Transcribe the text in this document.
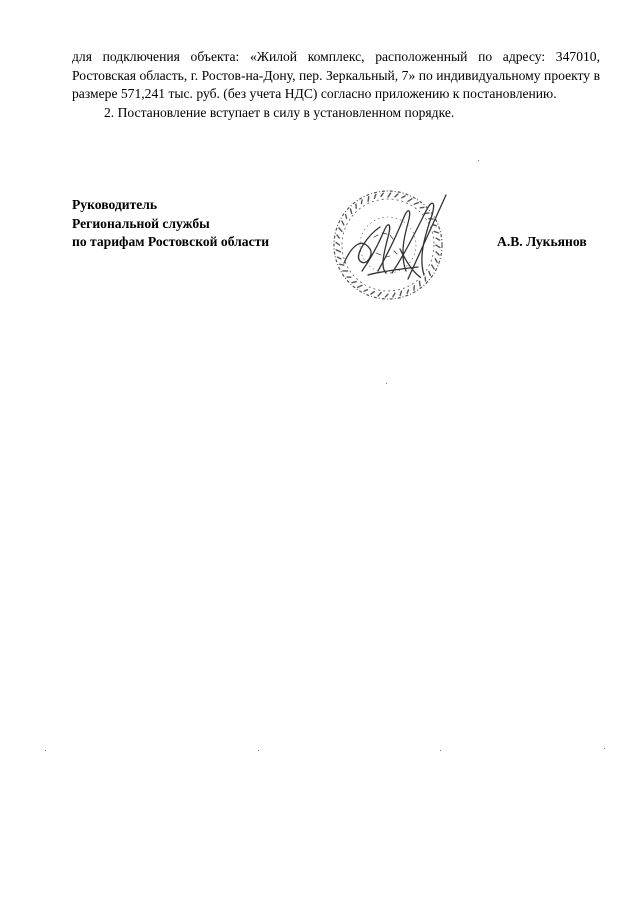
для подключения объекта: «Жилой комплекс, расположенный по адресу: 347010, Ростовская область, г. Ростов-на-Дону, пер. Зеркальный, 7» по индивидуальному проекту в размере 571,241 тыс. руб. (без учета НДС) согласно приложению к постановлению.

2. Постановление вступает в силу в установленном порядке.

Руководитель
Региональной службы
по тарифам Ростовской области	А.В. Лукьянов
